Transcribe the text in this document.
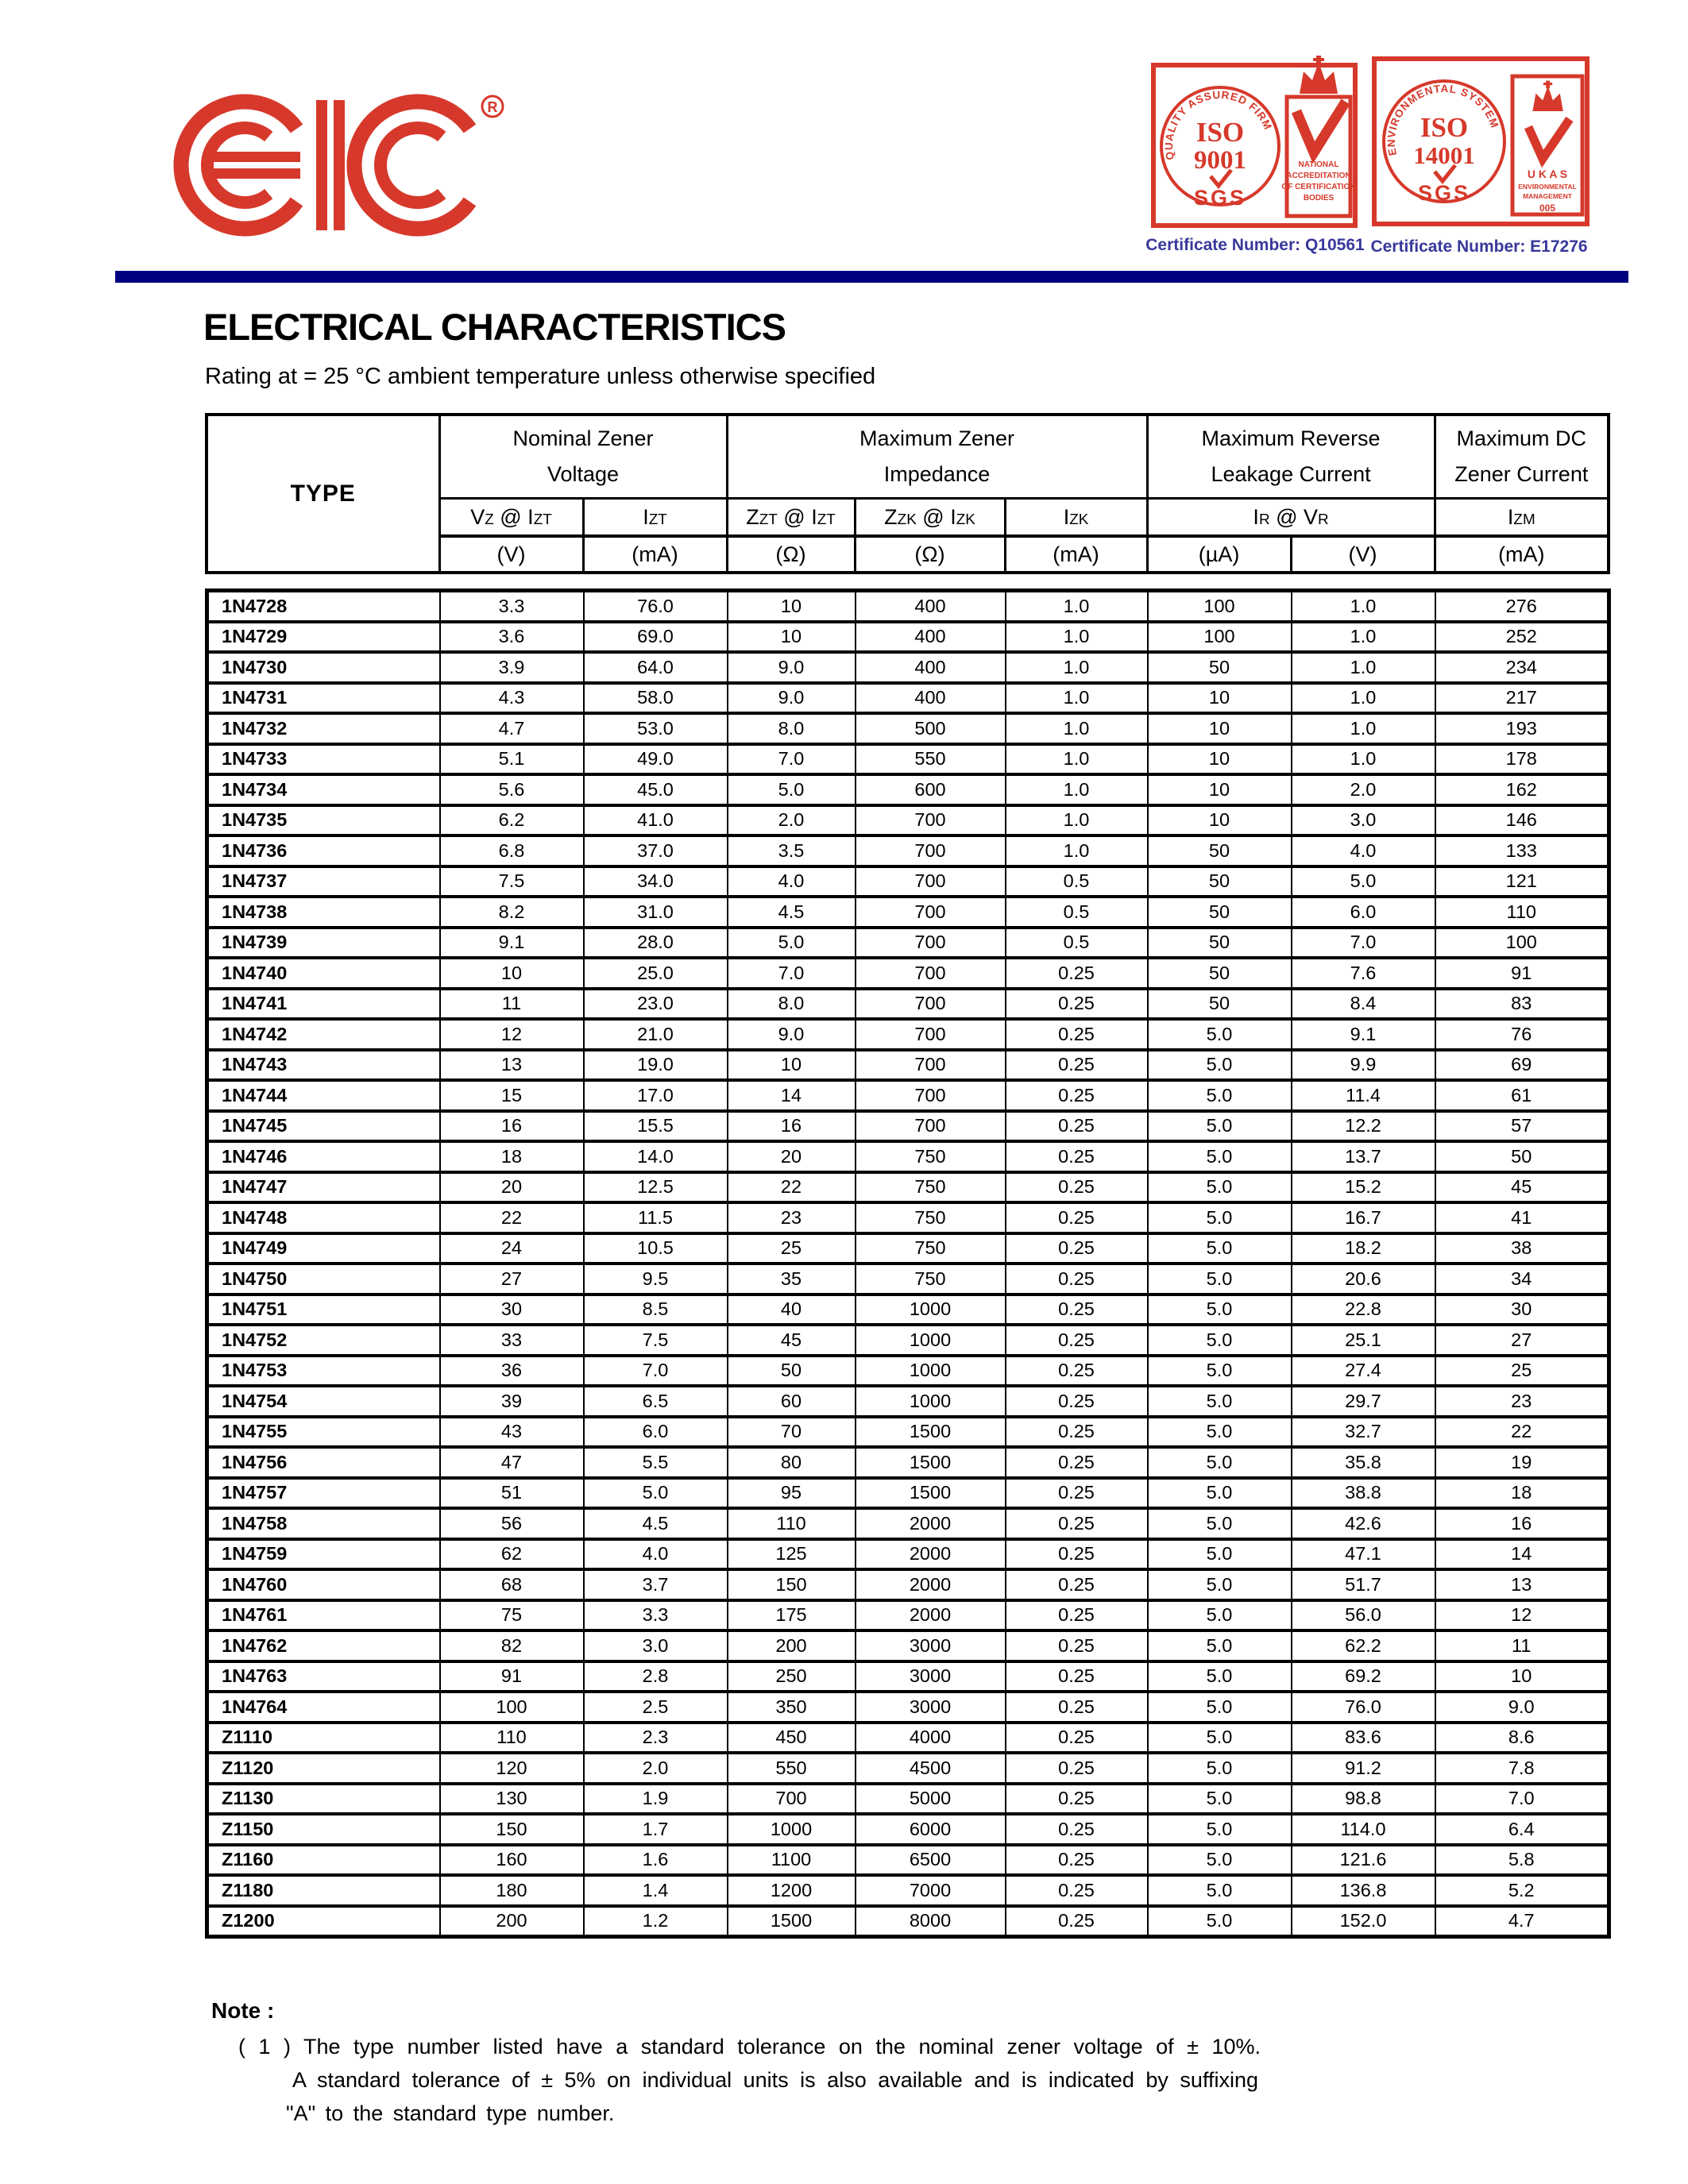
R
QUALITY ASSURED FIRM
ISO
9001
SGS
NATIONAL
ACCREDITATION
OF CERTIFICATION
BODIES
ENVIRONMENTAL SYSTEM
ISO
14001
SGS
U K A S
ENVIRONMENTAL
MANAGEMENT
005
Certificate Number: Q10561 Certificate Number: E17276
ELECTRICAL CHARACTERISTICS
Rating at = 25 °C ambient temperature unless otherwise specified
TYPE	
Nominal Zener
Voltage

Maximum Zener
Impedance

Maximum Reverse
Leakage Current

Maximum DC
Zener Current

	VZ @ IZT	IZT	ZZT @ IZT	ZZK @ IZK	IZK	IR @ VR		IZM
	(V)	(mA)	(Ω)	(Ω)	(mA)	(µA)	(V)	(mA)
1N4728	3.3	76.0	10	400	1.0	100	1.0	276
1N4729	3.6	69.0	10	400	1.0	100	1.0	252
1N4730	3.9	64.0	9.0	400	1.0	50	1.0	234
1N4731	4.3	58.0	9.0	400	1.0	10	1.0	217
1N4732	4.7	53.0	8.0	500	1.0	10	1.0	193
1N4733	5.1	49.0	7.0	550	1.0	10	1.0	178
1N4734	5.6	45.0	5.0	600	1.0	10	2.0	162
1N4735	6.2	41.0	2.0	700	1.0	10	3.0	146
1N4736	6.8	37.0	3.5	700	1.0	50	4.0	133
1N4737	7.5	34.0	4.0	700	0.5	50	5.0	121
1N4738	8.2	31.0	4.5	700	0.5	50	6.0	110
1N4739	9.1	28.0	5.0	700	0.5	50	7.0	100
1N4740	10	25.0	7.0	700	0.25	50	7.6	91
1N4741	11	23.0	8.0	700	0.25	50	8.4	83
1N4742	12	21.0	9.0	700	0.25	5.0	9.1	76
1N4743	13	19.0	10	700	0.25	5.0	9.9	69
1N4744	15	17.0	14	700	0.25	5.0	11.4	61
1N4745	16	15.5	16	700	0.25	5.0	12.2	57
1N4746	18	14.0	20	750	0.25	5.0	13.7	50
1N4747	20	12.5	22	750	0.25	5.0	15.2	45
1N4748	22	11.5	23	750	0.25	5.0	16.7	41
1N4749	24	10.5	25	750	0.25	5.0	18.2	38
1N4750	27	9.5	35	750	0.25	5.0	20.6	34
1N4751	30	8.5	40	1000	0.25	5.0	22.8	30
1N4752	33	7.5	45	1000	0.25	5.0	25.1	27
1N4753	36	7.0	50	1000	0.25	5.0	27.4	25
1N4754	39	6.5	60	1000	0.25	5.0	29.7	23
1N4755	43	6.0	70	1500	0.25	5.0	32.7	22
1N4756	47	5.5	80	1500	0.25	5.0	35.8	19
1N4757	51	5.0	95	1500	0.25	5.0	38.8	18
1N4758	56	4.5	110	2000	0.25	5.0	42.6	16
1N4759	62	4.0	125	2000	0.25	5.0	47.1	14
1N4760	68	3.7	150	2000	0.25	5.0	51.7	13
1N4761	75	3.3	175	2000	0.25	5.0	56.0	12
1N4762	82	3.0	200	3000	0.25	5.0	62.2	11
1N4763	91	2.8	250	3000	0.25	5.0	69.2	10
1N4764	100	2.5	350	3000	0.25	5.0	76.0	9.0
Z1110	110	2.3	450	4000	0.25	5.0	83.6	8.6
Z1120	120	2.0	550	4500	0.25	5.0	91.2	7.8
Z1130	130	1.9	700	5000	0.25	5.0	98.8	7.0
Z1150	150	1.7	1000	6000	0.25	5.0	114.0	6.4
Z1160	160	1.6	1100	6500	0.25	5.0	121.6	5.8
Z1180	180	1.4	1200	7000	0.25	5.0	136.8	5.2
Z1200	200	1.2	1500	8000	0.25	5.0	152.0	4.7
Note :
( 1 ) The type number listed have a standard tolerance on the nominal zener voltage of ± 10%.
A standard tolerance of ± 5% on individual units is also available and is indicated by suffixing
"A" to the standard type number.
